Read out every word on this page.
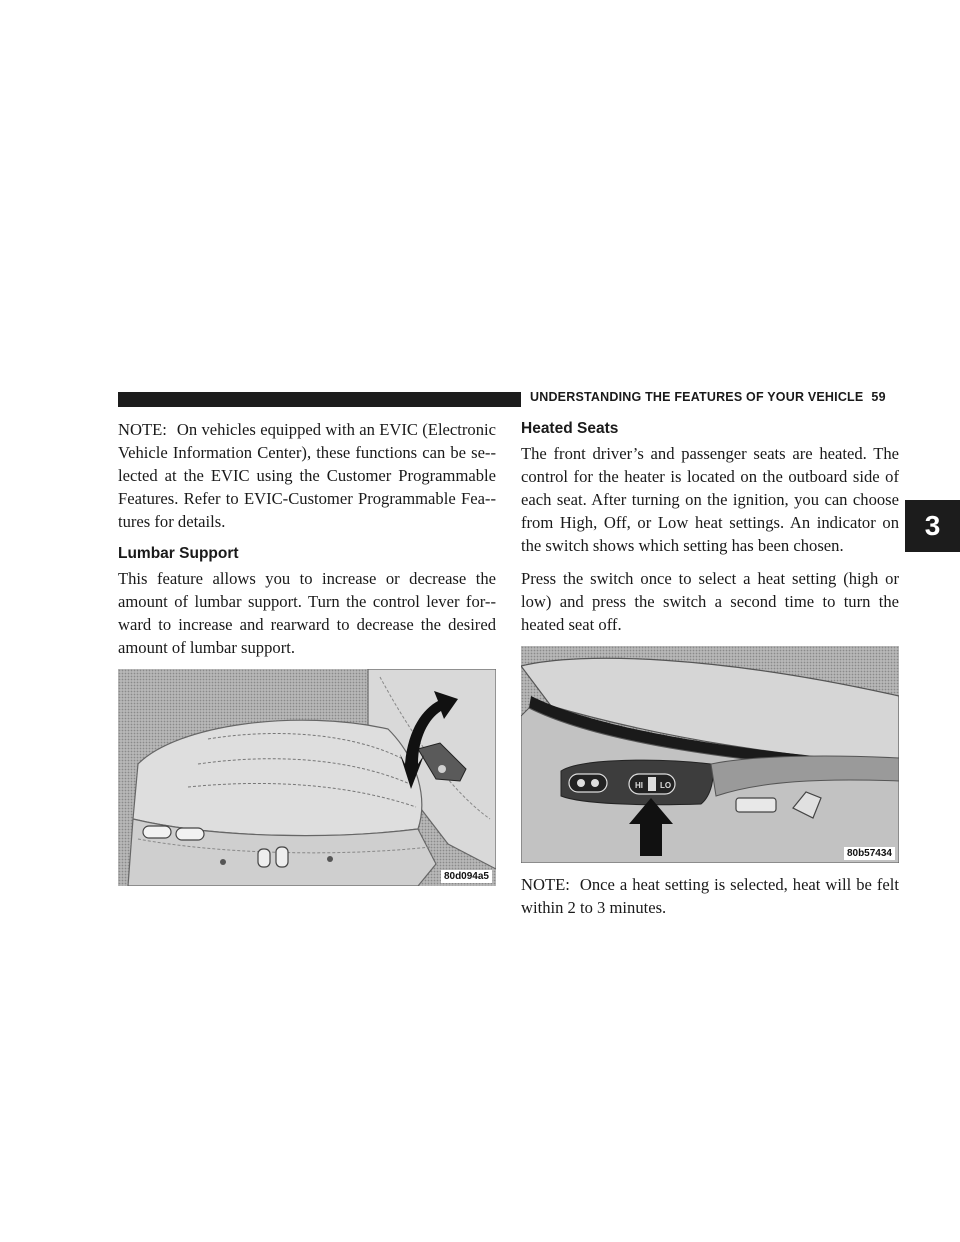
UNDERSTANDING THE FEATURES OF YOUR VEHICLE 59
3

NOTE: On vehicles equipped with an EVIC (Electronic Vehicle Information Center), these functions can be se-lected at the EVIC using the Customer Programmable Features. Refer to EVIC-Customer Programmable Fea-tures for details.

Lumbar Support

This feature allows you to increase or decrease the amount of lumbar support. Turn the control lever for-ward to increase and rearward to decrease the desired amount of lumbar support.

80d094a5
Heated Seats

The front driver’s and passenger seats are heated. The control for the heater is located on the outboard side of each seat. After turning on the ignition, you can choose from High, Off, or Low heat settings. An indicator on the switch shows which setting has been chosen.

Press the switch once to select a heat setting (high or low) and press the switch a second time to turn the heated seat off.

HI LO
80b57434

NOTE: Once a heat setting is selected, heat will be felt within 2 to 3 minutes.
